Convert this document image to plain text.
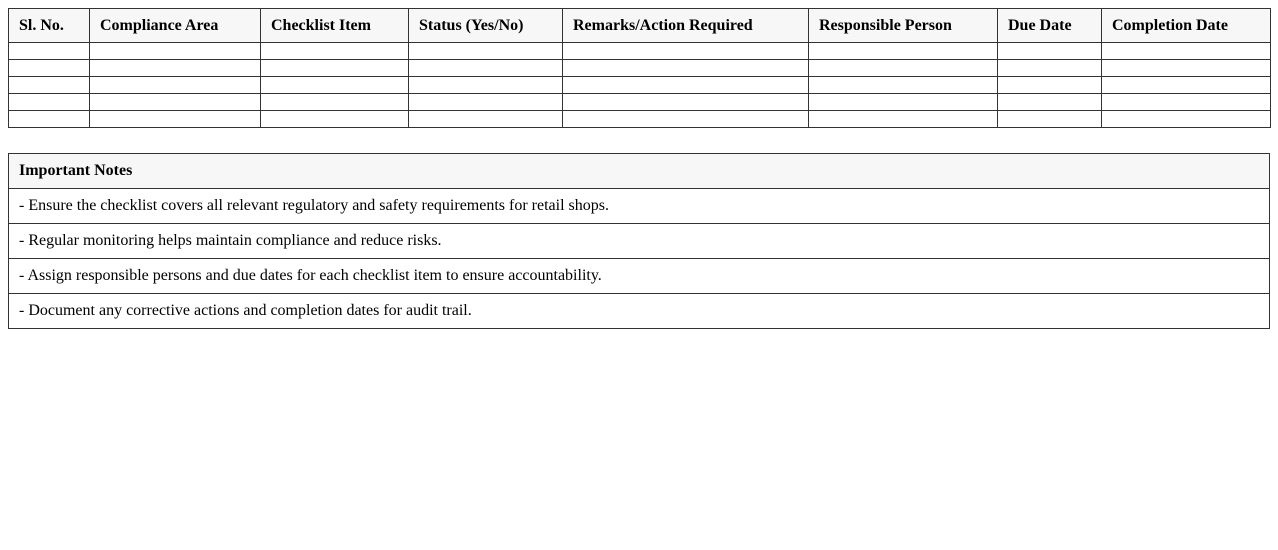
Sl. No.	Compliance Area	Checklist Item	Status (Yes/No)	Remarks/Action Required	Responsible Person	Due Date	Completion Date

Important Notes
- Ensure the checklist covers all relevant regulatory and safety requirements for retail shops.
- Regular monitoring helps maintain compliance and reduce risks.
- Assign responsible persons and due dates for each checklist item to ensure accountability.
- Document any corrective actions and completion dates for audit trail.
